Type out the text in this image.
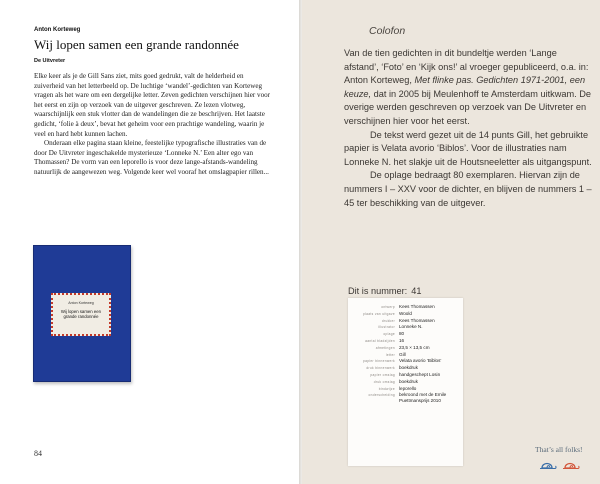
Anton Korteweg
Wij lopen samen een grande randonnée
De Uitvreter

Elke keer als je de Gill Sans ziet, mits goed gedrukt, valt de helderheid en zuiverheid van het letterbeeld op. De luchtige ‘wandel’-gedichten van Korteweg vragen als het ware om een dergelijke letter. Zeven gedichten verschijnen hier voor het eerst en zijn op verzoek van de uitgever geschreven. Ze lezen vlotweg, waarschijnlijk een stuk vlotter dan de wandelingen die ze beschrijven. Het laatste gedicht, ‘folie à deux’, bevat het geheim voor een prachtige wandeling, waarin je veel en hard hebt kunnen lachen.

Onderaan elke pagina staan kleine, feestelijke typografische illustraties van de door De Uitvreter ingeschakelde mysterieuze ‘Lonneke N.’ Een alter ego van Thomassen? De vorm van een leporello is voor deze lange-afstands-wandeling natuurlijk de aangewezen weg. Volgende keer wel vooraf het omslagpapier rillen...

Anton Korteweg
Wij lopen samen een
grande randonnée
84
Colofon

Van de tien gedichten in dit bundeltje werden ‘Lange afstand’, ‘Foto’ en ‘Kijk ons!’ al vroeger gepubliceerd, o.a. in: Anton Korteweg, Met flinke pas. Gedichten 1971-2001, een keuze, dat in 2005 bij Meulenhoff te Amsterdam uitkwam. De overige werden geschreven op verzoek van De Uitvreter en verschijnen hier voor het eerst.

De tekst werd gezet uit de 14 punts Gill, het gebruikte papier is Velata avorio ‘Biblos’. Voor de illustraties nam Lonneke N. het slakje uit de Houtsneeletter als uitgangspunt.

De oplage bedraagt 80 exemplaren. Hiervan zijn de nummers I – XXV voor de dichter, en blijven de nummers 1 – 45 ter beschikking van de uitgever.

Dit is nummer: 41
ontwerp Kees Thomassen
plaats van uitgave Woold
drukker Kees Thomassen
illustrator Lonneke N.
oplage 80
aantal bladzijden 16
afmetingen 23,5 × 13,5 cm
letter Gill
papier binnenwerk Velata avorio ‘Biblos’
druk binnenwerk boekdruk
papier omslag handgeschept Losin
druk omslag boekdruk
bindwijze leporello
onderscheiding bekroond met de Emile Puettmansprijs 2010
That’s all folks!
